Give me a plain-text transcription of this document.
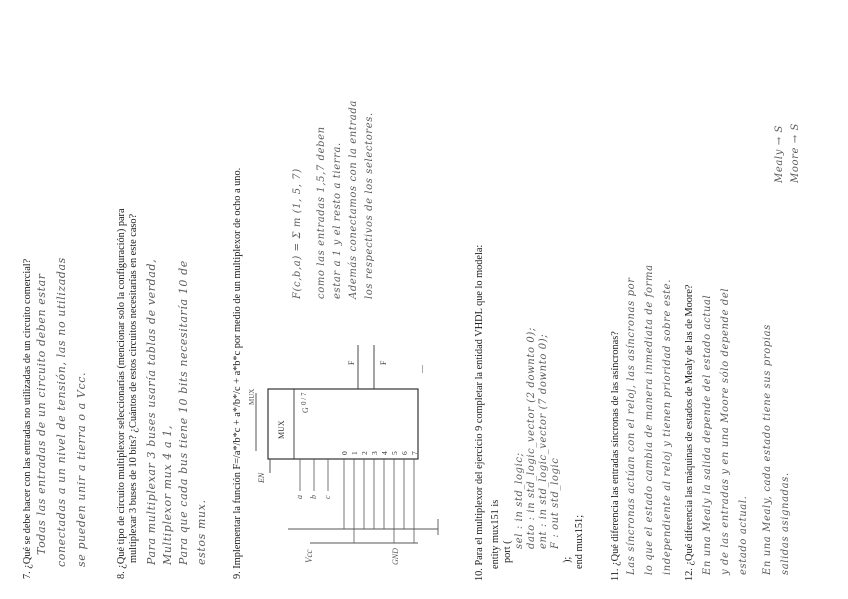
7. ¿Qué se debe hacer con las entradas no utilizadas de un circuito comercial? Todas las entradas de un circuito deben estar conectadas a un nivel de tensión, las no utilizadas se pueden unir a tierra o a Vcc.	8. ¿Qué tipo de circuito multiplexor seleccionarías (mencionar solo la configuración) para multiplexar 3 buses de 10 bits? ¿Cuántos de estos circuitos necesitarías en este caso? Para multiplexar 3 buses usaría tablas de verdad, Multiplexor mux 4 a 1, Para que cada bus tiene 10 bits necesitaría 10 de estos mux. 9. Implementar la función F=/a*/b*c + a*/b*/c + a*b*c por medio de un multiplexor de ocho a uno. MUX
MUX
EN
G
0 / 7
Vcc	GND
a b c
0 1 2 3 4 5 6 7
F	F
—
F(c,b,a) = Σ m (1, 5, 7) como las entradas 1,5,7 deben estar a 1 y el resto a tierra. Además conectamos con la entrada los respectivos de los selectores.
10. Para el multiplexor del ejercicio 9 completar la entidad VHDL que lo modela: entity mux151 is port (
sel : in std_logic; dato : in std_logic_vector (2 downto 0); ent : in std_logic_vector (7 downto 0); F : out std_logic
); end mux151; 11. ¿Qué diferencia las entradas síncronas de las asíncronas? Las síncronas actúan con el reloj, las asíncronas por lo que el estado cambia de manera inmediata de forma independiente al reloj y tienen prioridad sobre este. 12. ¿Qué diferencia las máquinas de estados de Mealy de las de Moore? En una Mealy la salida depende del estado actual y de las entradas y en una Moore sólo depende del estado actual. En una Mealy, cada estado tiene sus propias salidas asignadas.
Mealy → S Moore → S
